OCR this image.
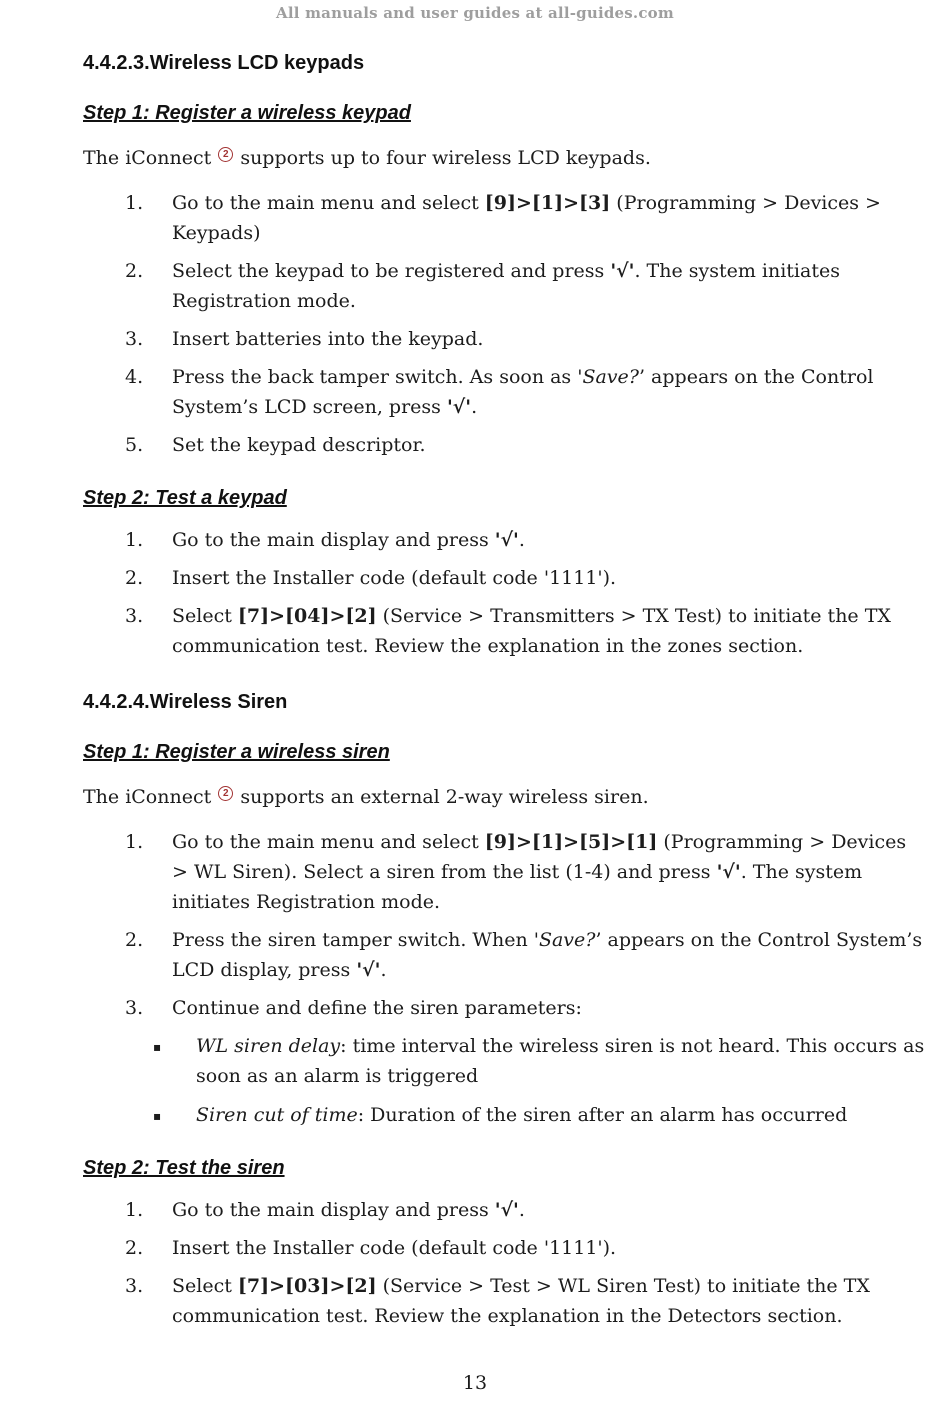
All manuals and user guides at all-guides.com
4.4.2.3.Wireless LCD keypads
Step 1: Register a wireless keypad

The iConnect 2 supports up to four wireless LCD keypads.

Go to the main menu and select [9]>[1]>[3] (Programming > Devices > Keypads)
Select the keypad to be registered and press '√'. The system initiates Registration mode.
Insert batteries into the keypad.
Press the back tamper switch. As soon as 'Save?’ appears on the Control System’s LCD screen, press '√'.
Set the keypad descriptor.
Step 2: Test a keypad
Go to the main display and press '√'.
Insert the Installer code (default code '1111').
Select [7]>[04]>[2] (Service > Transmitters > TX Test) to initiate the TX communication test. Review the explanation in the zones section.
4.4.2.4.Wireless Siren
Step 1: Register a wireless siren

The iConnect 2 supports an external 2-way wireless siren.

Go to the main menu and select [9]>[1]>[5]>[1] (Programming > Devices > WL Siren). Select a siren from the list (1-4) and press '√'. The system initiates Registration mode.
Press the siren tamper switch. When 'Save?’ appears on the Control System’s LCD display, press '√'.
Continue and define the siren parameters:
▪ WL siren delay: time interval the wireless siren is not heard. This occurs as soon as an alarm is triggered
▪ Siren cut of time: Duration of the siren after an alarm has occurred
Step 2: Test the siren
Go to the main display and press '√'.
Insert the Installer code (default code '1111').
Select [7]>[03]>[2] (Service > Test > WL Siren Test) to initiate the TX communication test. Review the explanation in the Detectors section.
13
